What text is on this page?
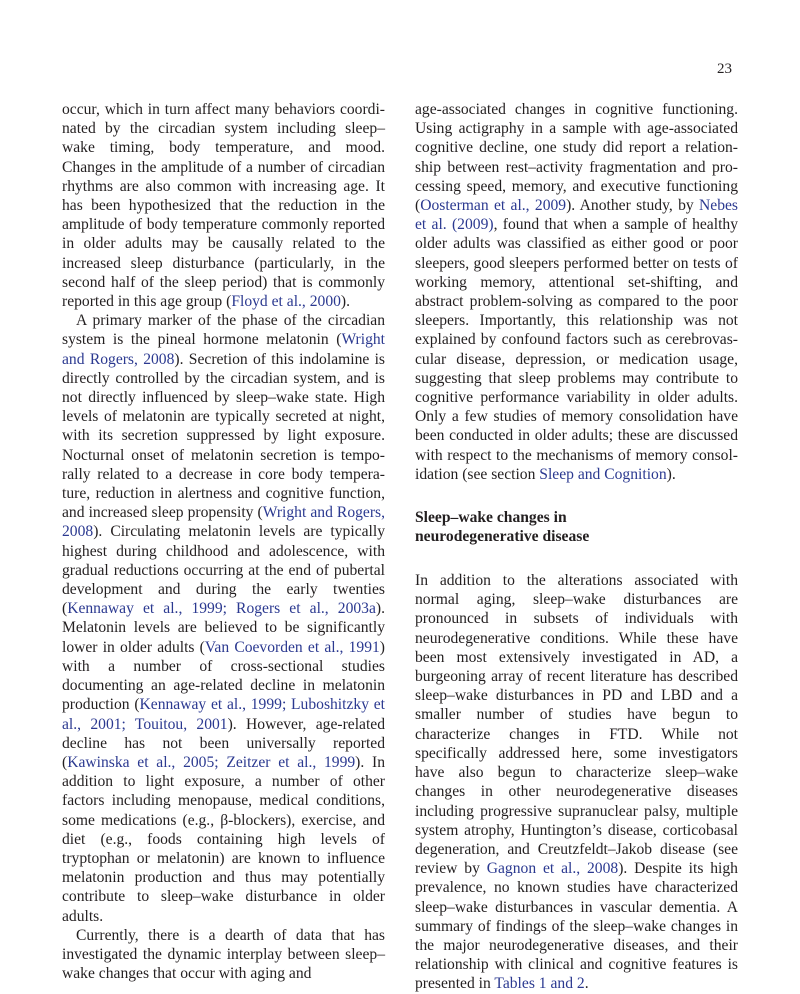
23

occur, which in turn affect many behaviors coordinated by the circadian system including sleep–wake timing, body temperature, and mood. Changes in the amplitude of a number of circadian rhythms are also common with increasing age. It has been hypothesized that the reduction in the amplitude of body temperature commonly reported in older adults may be causally related to the increased sleep disturbance (particularly, in the second half of the sleep period) that is commonly reported in this age group (Floyd et al., 2000).

A primary marker of the phase of the circadian system is the pineal hormone melatonin (Wright and Rogers, 2008). Secretion of this indolamine is directly controlled by the circadian system, and is not directly influenced by sleep–wake state. High levels of melatonin are typically secreted at night, with its secretion suppressed by light exposure. Nocturnal onset of melatonin secretion is temporally related to a decrease in core body temperature, reduction in alertness and cognitive function, and increased sleep propensity (Wright and Rogers, 2008). Circulating melatonin levels are typically highest during childhood and adolescence, with gradual reductions occurring at the end of pubertal development and during the early twenties (Kennaway et al., 1999; Rogers et al., 2003a). Melatonin levels are believed to be significantly lower in older adults (Van Coevorden et al., 1991) with a number of cross-sectional studies documenting an age-related decline in melatonin production (Kennaway et al., 1999; Luboshitzky et al., 2001; Touitou, 2001). However, age-related decline has not been universally reported (Kawinska et al., 2005; Zeitzer et al., 1999). In addition to light exposure, a number of other factors including menopause, medical conditions, some medications (e.g., β-blockers), exercise, and diet (e.g., foods containing high levels of tryptophan or melatonin) are known to influence melatonin production and thus may potentially contribute to sleep–wake disturbance in older adults.

Currently, there is a dearth of data that has investigated the dynamic interplay between sleep–wake changes that occur with aging and

age-associated changes in cognitive functioning. Using actigraphy in a sample with age-associated cognitive decline, one study did report a relationship between rest–activity fragmentation and processing speed, memory, and executive functioning (Oosterman et al., 2009). Another study, by Nebes et al. (2009), found that when a sample of healthy older adults was classified as either good or poor sleepers, good sleepers performed better on tests of working memory, attentional set-shifting, and abstract problem-solving as compared to the poor sleepers. Importantly, this relationship was not explained by confound factors such as cerebrovascular disease, depression, or medication usage, suggesting that sleep problems may contribute to cognitive performance variability in older adults. Only a few studies of memory consolidation have been conducted in older adults; these are discussed with respect to the mechanisms of memory consolidation (see section Sleep and Cognition).

Sleep–wake changes in
neurodegenerative disease

In addition to the alterations associated with normal aging, sleep–wake disturbances are pronounced in subsets of individuals with neurodegenerative conditions. While these have been most extensively investigated in AD, a burgeoning array of recent literature has described sleep–wake disturbances in PD and LBD and a smaller number of studies have begun to characterize changes in FTD. While not specifically addressed here, some investigators have also begun to characterize sleep–wake changes in other neurodegenerative diseases including progressive supranuclear palsy, multiple system atrophy, Huntington’s disease, corticobasal degeneration, and Creutzfeldt–Jakob disease (see review by Gagnon et al., 2008). Despite its high prevalence, no known studies have characterized sleep–wake disturbances in vascular dementia. A summary of findings of the sleep–wake changes in the major neurodegenerative diseases, and their relationship with clinical and cognitive features is presented in Tables 1 and 2.
